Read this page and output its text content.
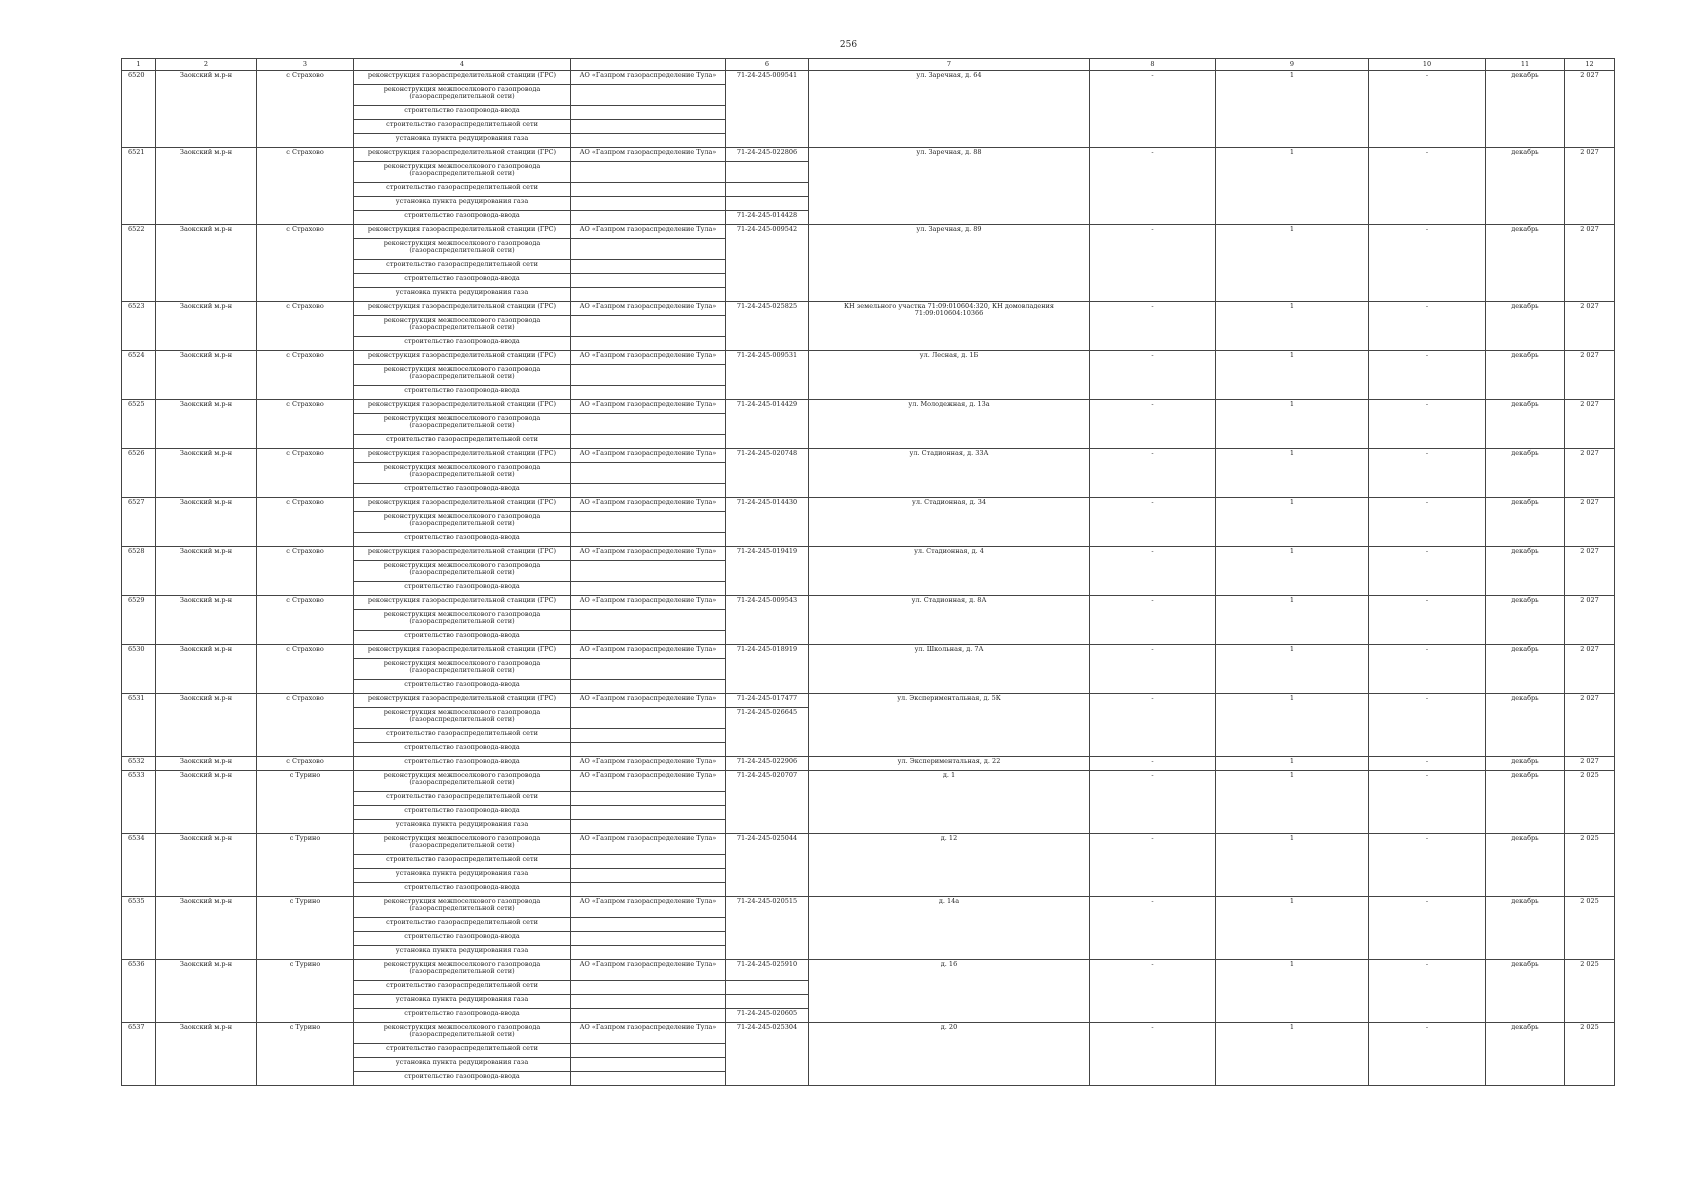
256
1	2	3	4		6	7	8	9	10	11	12
6520	Заокский м.р-н	с Страхово	реконструкция газораспределительной станции (ГРС)	АО «Газпром газораспределение Тула»	71-24-245-009541	ул. Заречная, д. 64	-	1	-	декабрь	2 027
			реконструкция межпоселкового газопровода (газораспределительной сети)								
			строительство газопровода-ввода								
			строительство газораспределительной сети								
			установка пункта редуцирования газа								
6521	Заокский м.р-н	с Страхово	реконструкция газораспределительной станции (ГРС)	АО «Газпром газораспределение Тула»	71-24-245-022806	ул. Заречная, д. 88	-	1	-	декабрь	2 027
			реконструкция межпоселкового газопровода (газораспределительной сети)								
			строительство газораспределительной сети								
			установка пункта редуцирования газа								
			строительство газопровода-ввода		71-24-245-014428						
6522	Заокский м.р-н	с Страхово	реконструкция газораспределительной станции (ГРС)	АО «Газпром газораспределение Тула»	71-24-245-009542	ул. Заречная, д. 89	-	1	-	декабрь	2 027
			реконструкция межпоселкового газопровода (газораспределительной сети)								
			строительство газораспределительной сети								
			строительство газопровода-ввода								
			установка пункта редуцирования газа								
6523	Заокский м.р-н	с Страхово	реконструкция газораспределительной станции (ГРС)	АО «Газпром газораспределение Тула»	71-24-245-025825	КН земельного участка 71:09:010604:320, КН домовладения 71:09:010604:10366	-	1	-	декабрь	2 027
			реконструкция межпоселкового газопровода (газораспределительной сети)								
			строительство газопровода-ввода								
6524	Заокский м.р-н	с Страхово	реконструкция газораспределительной станции (ГРС)	АО «Газпром газораспределение Тула»	71-24-245-009531	ул. Лесная, д. 1Б	-	1	-	декабрь	2 027
			реконструкция межпоселкового газопровода (газораспределительной сети)								
			строительство газопровода-ввода								
6525	Заокский м.р-н	с Страхово	реконструкция газораспределительной станции (ГРС)	АО «Газпром газораспределение Тула»	71-24-245-014429	ул. Молодежная, д. 13а	-	1	-	декабрь	2 027
			реконструкция межпоселкового газопровода (газораспределительной сети)								
			строительство газораспределительной сети								
6526	Заокский м.р-н	с Страхово	реконструкция газораспределительной станции (ГРС)	АО «Газпром газораспределение Тула»	71-24-245-020748	ул. Стадионная, д. 33А	-	1	-	декабрь	2 027
			реконструкция межпоселкового газопровода (газораспределительной сети)								
			строительство газопровода-ввода								
6527	Заокский м.р-н	с Страхово	реконструкция газораспределительной станции (ГРС)	АО «Газпром газораспределение Тула»	71-24-245-014430	ул. Стадионная, д. 34	-	1	-	декабрь	2 027
			реконструкция межпоселкового газопровода (газораспределительной сети)								
			строительство газопровода-ввода								
6528	Заокский м.р-н	с Страхово	реконструкция газораспределительной станции (ГРС)	АО «Газпром газораспределение Тула»	71-24-245-019419	ул. Стадионная, д. 4	-	1	-	декабрь	2 027
			реконструкция межпоселкового газопровода (газораспределительной сети)								
			строительство газопровода-ввода								
6529	Заокский м.р-н	с Страхово	реконструкция газораспределительной станции (ГРС)	АО «Газпром газораспределение Тула»	71-24-245-009543	ул. Стадионная, д. 8А	-	1	-	декабрь	2 027
			реконструкция межпоселкового газопровода (газораспределительной сети)								
			строительство газопровода-ввода								
6530	Заокский м.р-н	с Страхово	реконструкция газораспределительной станции (ГРС)	АО «Газпром газораспределение Тула»	71-24-245-018919	ул. Школьная, д. 7А	-	1	-	декабрь	2 027
			реконструкция межпоселкового газопровода (газораспределительной сети)								
			строительство газопровода-ввода								
6531	Заокский м.р-н	с Страхово	реконструкция газораспределительной станции (ГРС)	АО «Газпром газораспределение Тула»	71-24-245-017477	ул. Экспериментальная, д. 5К	-	1	-	декабрь	2 027
			реконструкция межпоселкового газопровода (газораспределительной сети)		71-24-245-026645						
			строительство газораспределительной сети								
			строительство газопровода-ввода								
6532	Заокский м.р-н	с Страхово	строительство газопровода-ввода	АО «Газпром газораспределение Тула»	71-24-245-022906	ул. Экспериментальная, д. 22	-	1	-	декабрь	2 027
6533	Заокский м.р-н	с Турино	реконструкция межпоселкового газопровода (газораспределительной сети)	АО «Газпром газораспределение Тула»	71-24-245-020707	д. 1	-	1	-	декабрь	2 025
			строительство газораспределительной сети								
			строительство газопровода-ввода								
			установка пункта редуцирования газа								
6534	Заокский м.р-н	с Турино	реконструкция межпоселкового газопровода (газораспределительной сети)	АО «Газпром газораспределение Тула»	71-24-245-025044	д. 12	-	1	-	декабрь	2 025
			строительство газораспределительной сети								
			установка пункта редуцирования газа								
			строительство газопровода-ввода								
6535	Заокский м.р-н	с Турино	реконструкция межпоселкового газопровода (газораспределительной сети)	АО «Газпром газораспределение Тула»	71-24-245-020515	д. 14а	-	1	-	декабрь	2 025
			строительство газораспределительной сети								
			строительство газопровода-ввода								
			установка пункта редуцирования газа								
6536	Заокский м.р-н	с Турино	реконструкция межпоселкового газопровода (газораспределительной сети)	АО «Газпром газораспределение Тула»	71-24-245-025910	д. 16	-	1	-	декабрь	2 025
			строительство газораспределительной сети								
			установка пункта редуцирования газа								
			строительство газопровода-ввода		71-24-245-020605						
6537	Заокский м.р-н	с Турино	реконструкция межпоселкового газопровода (газораспределительной сети)	АО «Газпром газораспределение Тула»	71-24-245-025304	д. 20	-	1	-	декабрь	2 025
			строительство газораспределительной сети								
			установка пункта редуцирования газа								
			строительство газопровода-ввода								
